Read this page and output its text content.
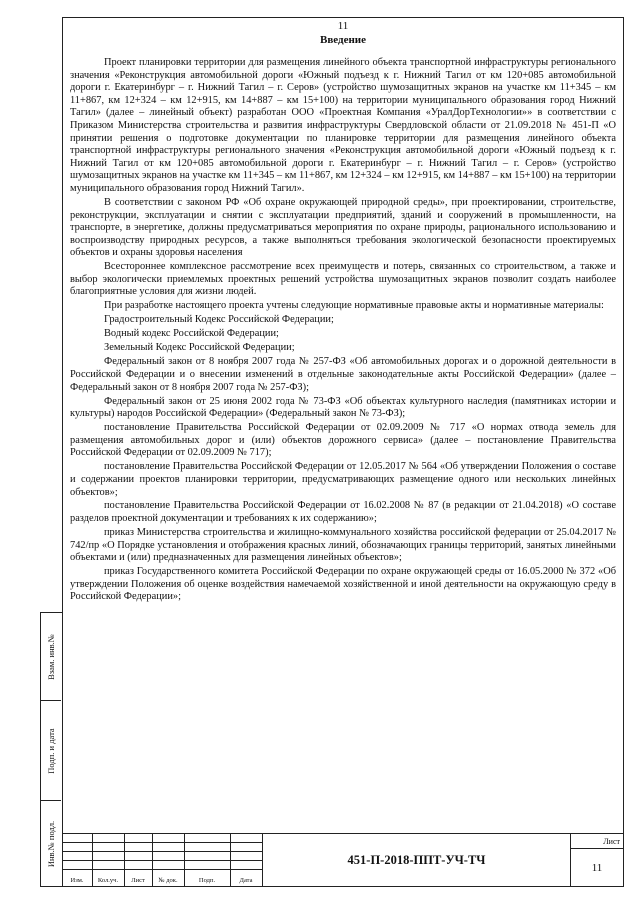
11
Введение

Проект планировки территории для размещения линейного объекта транспортной инфраструктуры регионального значения «Реконструкция автомобильной дороги «Южный подъезд к г. Нижний Тагил от км 120+085 автомобильной дороги г. Екатеринбург – г. Нижний Тагил – г. Серов» (устройство шумозащитных экранов на участке км 11+345 – км 11+867, км 12+324 – км 12+915, км 14+887 – км 15+100) на территории муниципального образования город Нижний Тагил» (далее – линейный объект) разработан ООО «Проектная Компания «УралДорТехнологии»» в соответствии с Приказом Министерства строительства и развития инфраструктуры Свердловской области от 21.09.2018 № 451-П «О принятии решения о подготовке документации по планировке территории для размещения линейного объекта транспортной инфраструктуры регионального значения «Реконструкция автомобильной дороги «Южный подъезд к г. Нижний Тагил от км 120+085 автомобильной дороги г. Екатеринбург – г. Нижний Тагил – г. Серов» (устройство шумозащитных экранов на участке км 11+345 – км 11+867, км 12+324 – км 12+915, км 14+887 – км 15+100) на территории муниципального образования город Нижний Тагил».

В соответствии с законом РФ «Об охране окружающей природной среды», при проектировании, строительстве, реконструкции, эксплуатации и снятии с эксплуатации предприятий, зданий и сооружений в промышленности, на транспорте, в энергетике, должны предусматриваться мероприятия по охране природы, рационального использованию и воспроизводству природных ресурсов, а также выполняться требования экологической безопасности проектируемых объектов и охраны здоровья населения

Всестороннее комплексное рассмотрение всех преимуществ и потерь, связанных со строительством, а также и выбор экологически приемлемых проектных решений устройства шумозащитных экранов позволит создать наиболее благоприятные условия для жизни людей.

При разработке настоящего проекта учтены следующие нормативные правовые акты и нормативные материалы:

Градостроительный Кодекс Российской Федерации;

Водный кодекс Российской Федерации;

Земельный Кодекс Российской Федерации;

Федеральный закон от 8 ноября 2007 года № 257-ФЗ «Об автомобильных дорогах и о дорожной деятельности в Российской Федерации и о внесении изменений в отдельные законодательные акты Российской Федерации» (далее – Федеральный закон от 8 ноября 2007 года № 257-ФЗ);

Федеральный закон от 25 июня 2002 года № 73-ФЗ «Об объектах культурного наследия (памятниках истории и культуры) народов Российской Федерации» (Федеральный закон № 73-ФЗ);

постановление Правительства Российской Федерации от 02.09.2009 № 717 «О нормах отвода земель для размещения автомобильных дорог и (или) объектов дорожного сервиса» (далее – постановление Правительства Российской Федерации от 02.09.2009 № 717);

постановление Правительства Российской Федерации от 12.05.2017 № 564 «Об утверждении Положения о составе и содержании проектов планировки территории, предусматривающих размещение одного или нескольких линейных объектов»;

постановление Правительства Российской Федерации от 16.02.2008 № 87 (в редакции от 21.04.2018) «О составе разделов проектной документации и требованиях к их содержанию»;

приказ Министерства строительства и жилищно-коммунального хозяйства российской федерации от 25.04.2017 № 742/пр «О Порядке установления и отображения красных линий, обозначающих границы территорий, занятых линейными объектами и (или) предназначенных для размещения линейных объектов»;

приказ Государственного комитета Российской Федерации по охране окружающей среды от 16.05.2000 № 372 «Об утверждении Положения об оценке воздействия намечаемой хозяйственной и иной деятельности на окружающую среду в Российской Федерации»;

Взам. инв.№
Подп. и дата
Инв.№ подл.
Изм.	Кол.уч.	Лист	№ док.	Подп.	Дата
451-П-2018-ППТ-УЧ-ТЧ
Лист
11
